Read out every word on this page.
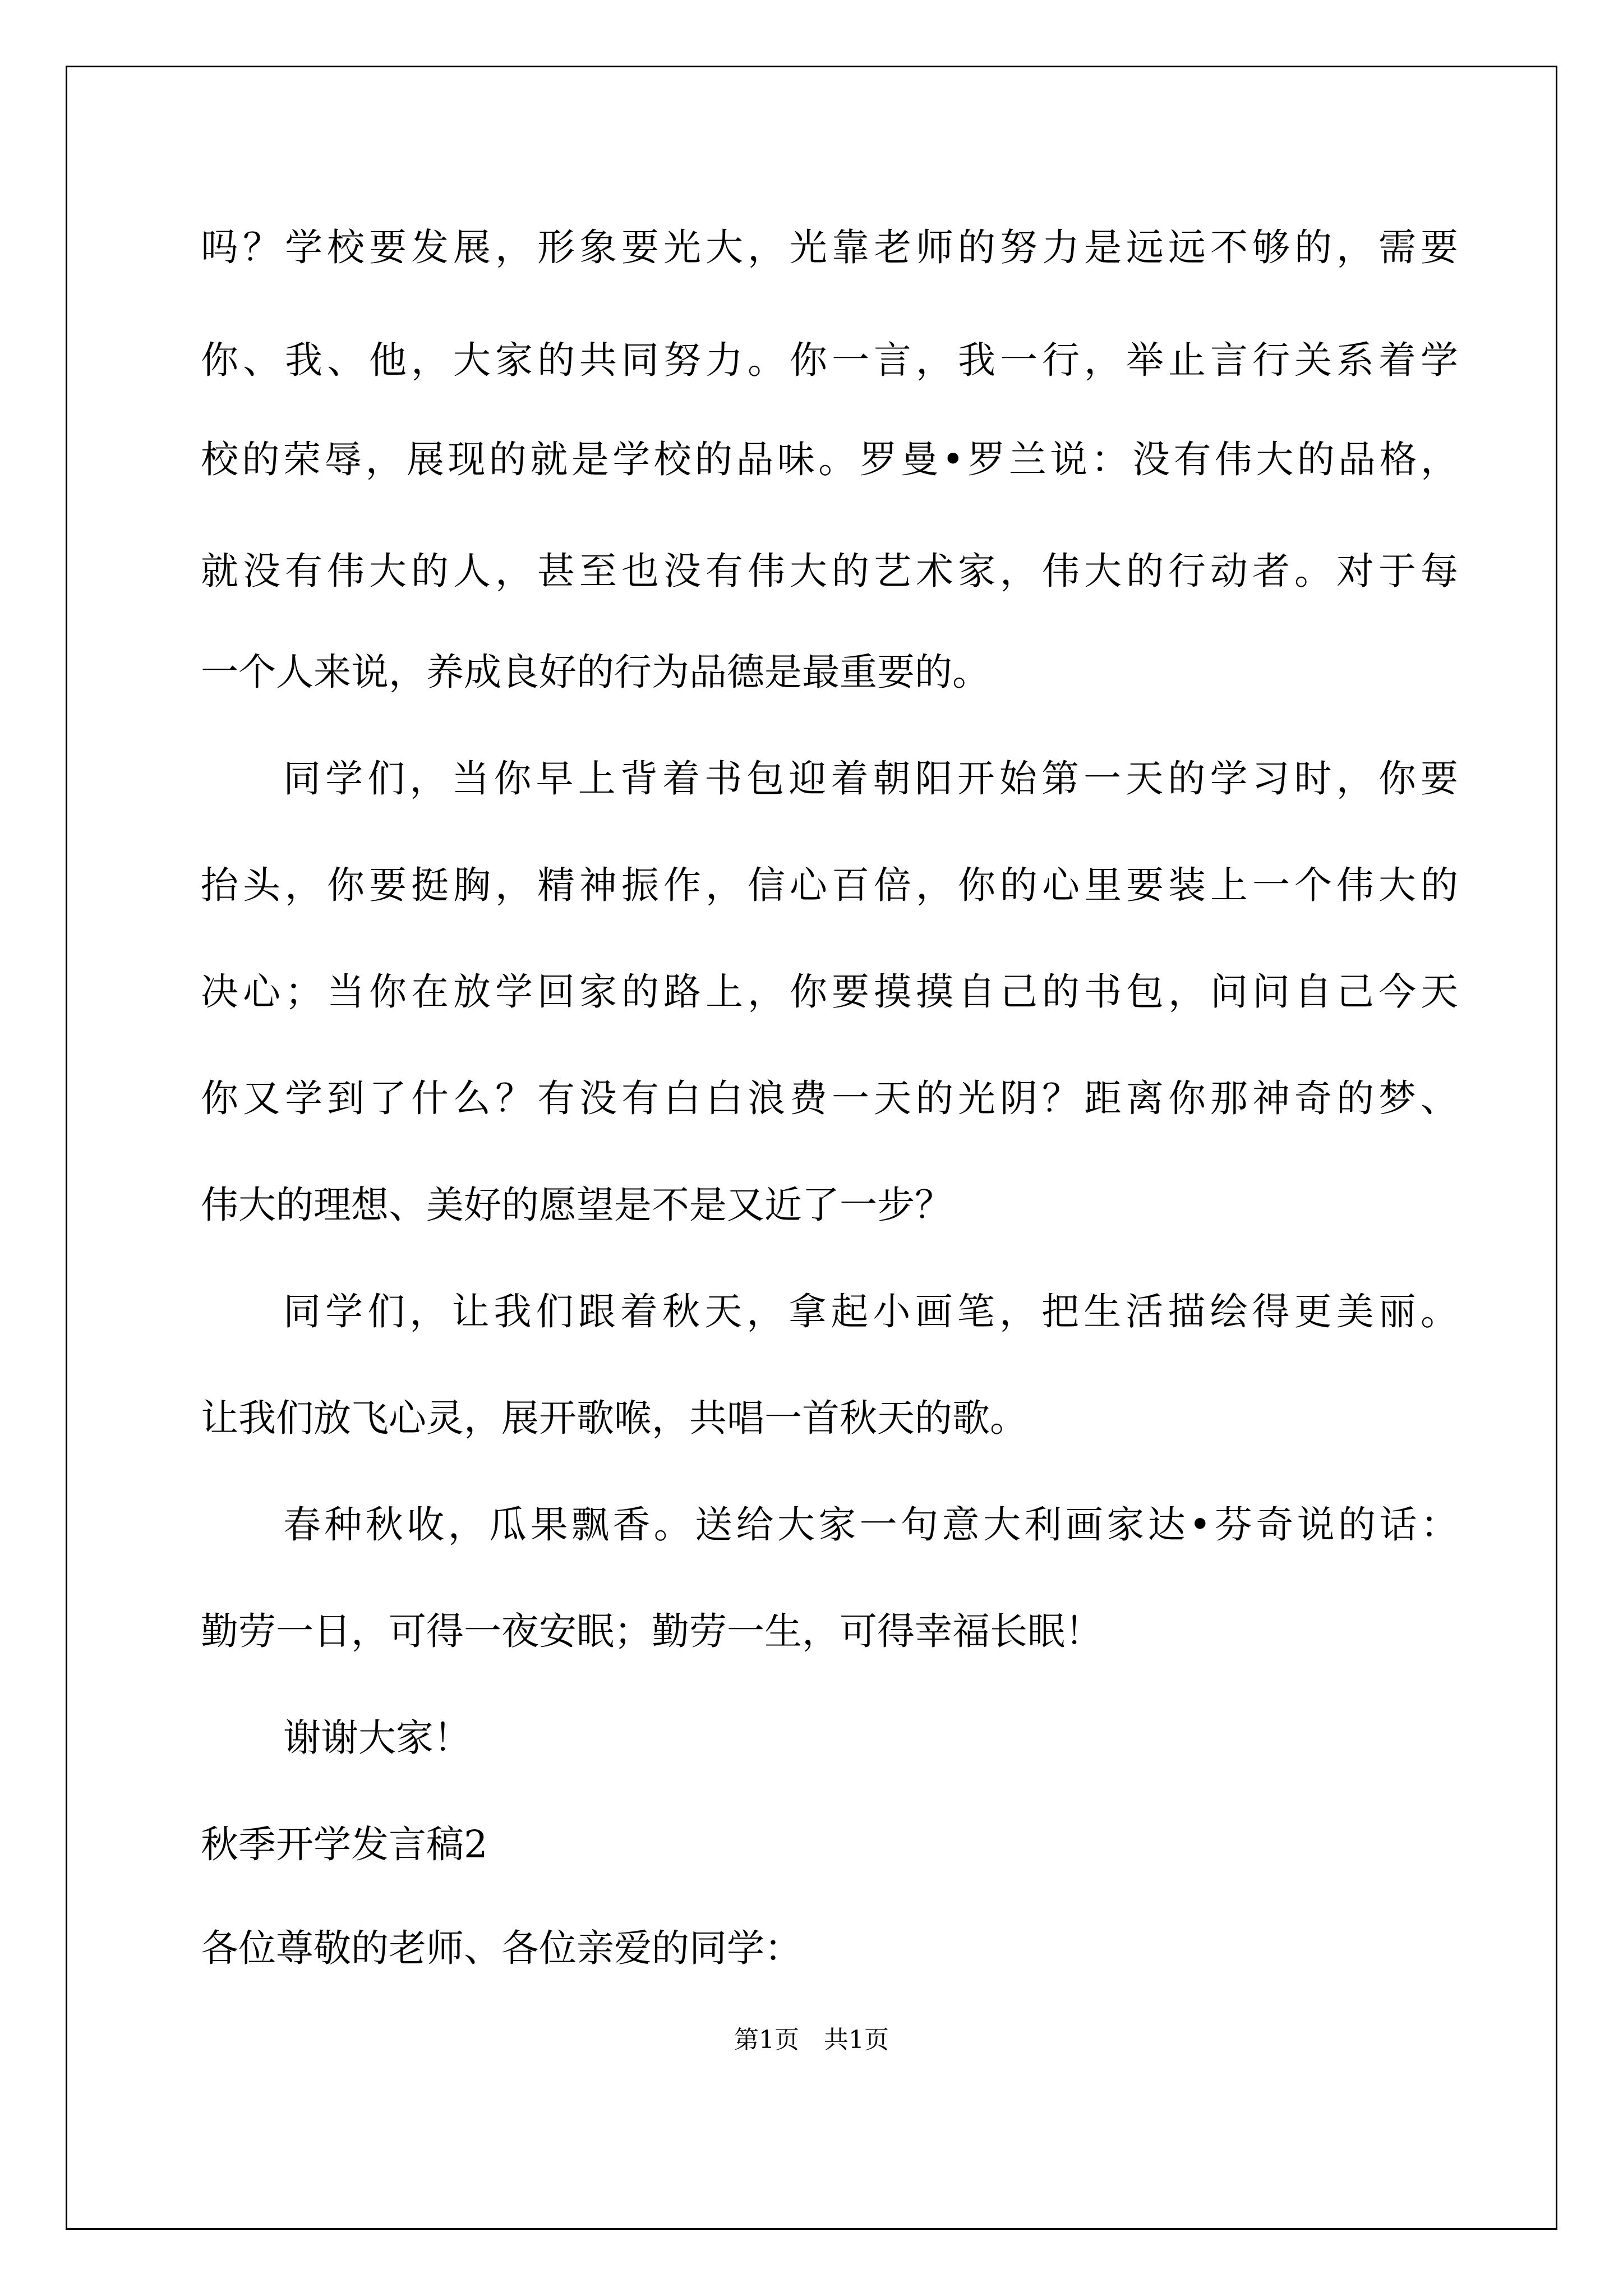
吗？学校要发展，形象要光大，光靠老师的努力是远远不够的，需要
你、我、他，大家的共同努力。你一言，我一行，举止言行关系着学
校的荣辱，展现的就是学校的品味。罗曼•罗兰说：没有伟大的品格，
就没有伟大的人，甚至也没有伟大的艺术家，伟大的行动者。对于每
一个人来说，养成良好的行为品德是最重要的。
同学们，当你早上背着书包迎着朝阳开始第一天的学习时，你要
抬头，你要挺胸，精神振作，信心百倍，你的心里要装上一个伟大的
决心；当你在放学回家的路上，你要摸摸自己的书包，问问自己今天
你又学到了什么？有没有白白浪费一天的光阴？距离你那神奇的梦、
伟大的理想、美好的愿望是不是又近了一步？
同学们，让我们跟着秋天，拿起小画笔，把生活描绘得更美丽。
让我们放飞心灵，展开歌喉，共唱一首秋天的歌。
春种秋收，瓜果飘香。送给大家一句意大利画家达•芬奇说的话：
勤劳一日，可得一夜安眠；勤劳一生，可得幸福长眠！
谢谢大家！
秋季开学发言稿2
各位尊敬的老师、各位亲爱的同学：
第1页　共1页
